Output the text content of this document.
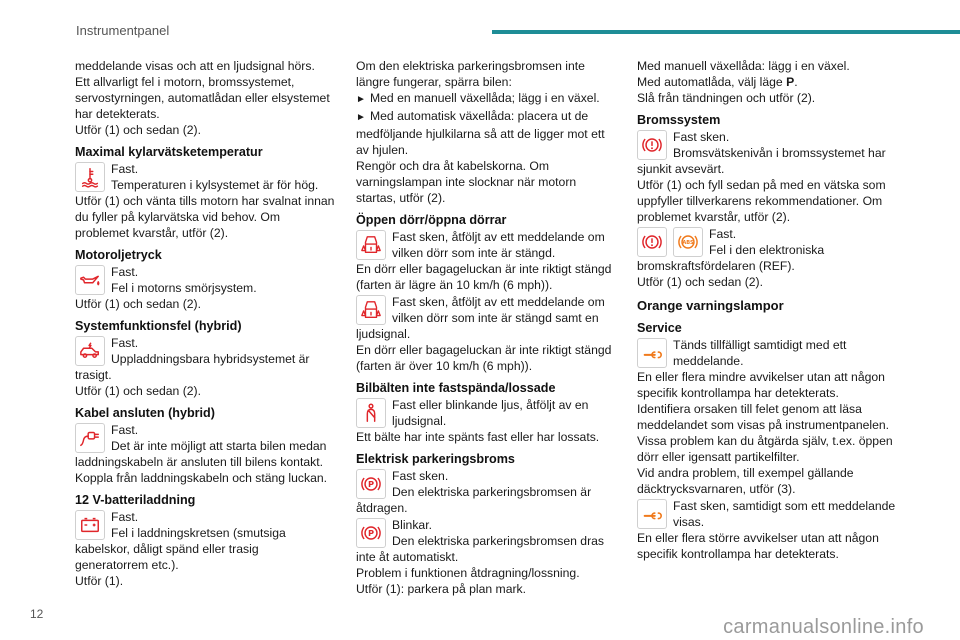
Instrumentpanel

meddelande visas och att en ljudsignal hörs.

Ett allvarligt fel i motorn, bromssystemet, servostyrningen, automatlådan eller elsystemet har detekterats.

Utför (1) och sedan (2).

Maximal kylarvätsketemperatur

Fast.

Temperaturen i kylsystemet är för hög.

Utför (1) och vänta tills motorn har svalnat innan du fyller på kylarvätska vid behov. Om problemet kvarstår, utför (2).

Motoroljetryck

Fast.

Fel i motorns smörjsystem.

Utför (1) och sedan (2).

Systemfunktionsfel (hybrid)

Fast.

Uppladdningsbara hybridsystemet är trasigt.

Utför (1) och sedan (2).

Kabel ansluten (hybrid)

Fast.

Det är inte möjligt att starta bilen medan laddningskabeln är ansluten till bilens kontakt.

Koppla från laddningskabeln och stäng luckan.

12 V-batteriladdning

Fast.

Fel i laddningskretsen (smutsiga kabelskor, dåligt spänd eller trasig generatorrem etc.).

Utför (1).

Om den elektriska parkeringsbromsen inte längre fungerar, spärra bilen:

► Med en manuell växellåda; lägg i en växel.

► Med automatisk växellåda: placera ut de medföljande hjulkilarna så att de ligger mot ett av hjulen.

Rengör och dra åt kabelskorna. Om varningslampan inte slocknar när motorn startas, utför (2).

Öppen dörr/öppna dörrar

Fast sken, åtföljt av ett meddelande om vilken dörr som inte är stängd.

En dörr eller bagageluckan är inte riktigt stängd (farten är lägre än 10 km/h (6 mph)).

Fast sken, åtföljt av ett meddelande om vilken dörr som inte är stängd samt en ljudsignal.

En dörr eller bagageluckan är inte riktigt stängd (farten är över 10 km/h (6 mph)).

Bilbälten inte fastspända/lossade

Fast eller blinkande ljus, åtföljt av en ljudsignal.

Ett bälte har inte spänts fast eller har lossats.

Elektrisk parkeringsbroms
P

Fast sken.

Den elektriska parkeringsbromsen är åtdragen.

P

Blinkar.

Den elektriska parkeringsbromsen dras inte åt automatiskt.

Problem i funktionen åtdragning/lossning.

Utför (1): parkera på plan mark.

Med manuell växellåda: lägg i en växel.

Med automatlåda, välj läge P.

Slå från tändningen och utför (2).

Bromssystem

Fast sken.

Bromsvätskenivån i bromssystemet har sjunkit avsevärt.

Utför (1) och fyll sedan på med en vätska som uppfyller tillverkarens rekommendationer. Om problemet kvarstår, utför (2).

ABS

Fast.

Fel i den elektroniska bromskraftsfördelaren (REF).

Utför (1) och sedan (2).

Orange varningslampor
Service

Tänds tillfälligt samtidigt med ett meddelande.

En eller flera mindre avvikelser utan att någon specifik kontrollampa har detekterats.

Identifiera orsaken till felet genom att läsa meddelandet som visas på instrumentpanelen.

Vissa problem kan du åtgärda själv, t.ex. öppen dörr eller igensatt partikelfilter.

Vid andra problem, till exempel gällande däcktrycksvarnaren, utför (3).

Fast sken, samtidigt som ett meddelande visas.

En eller flera större avvikelser utan att någon specifik kontrollampa har detekterats.

12
carmanualsonline.info
